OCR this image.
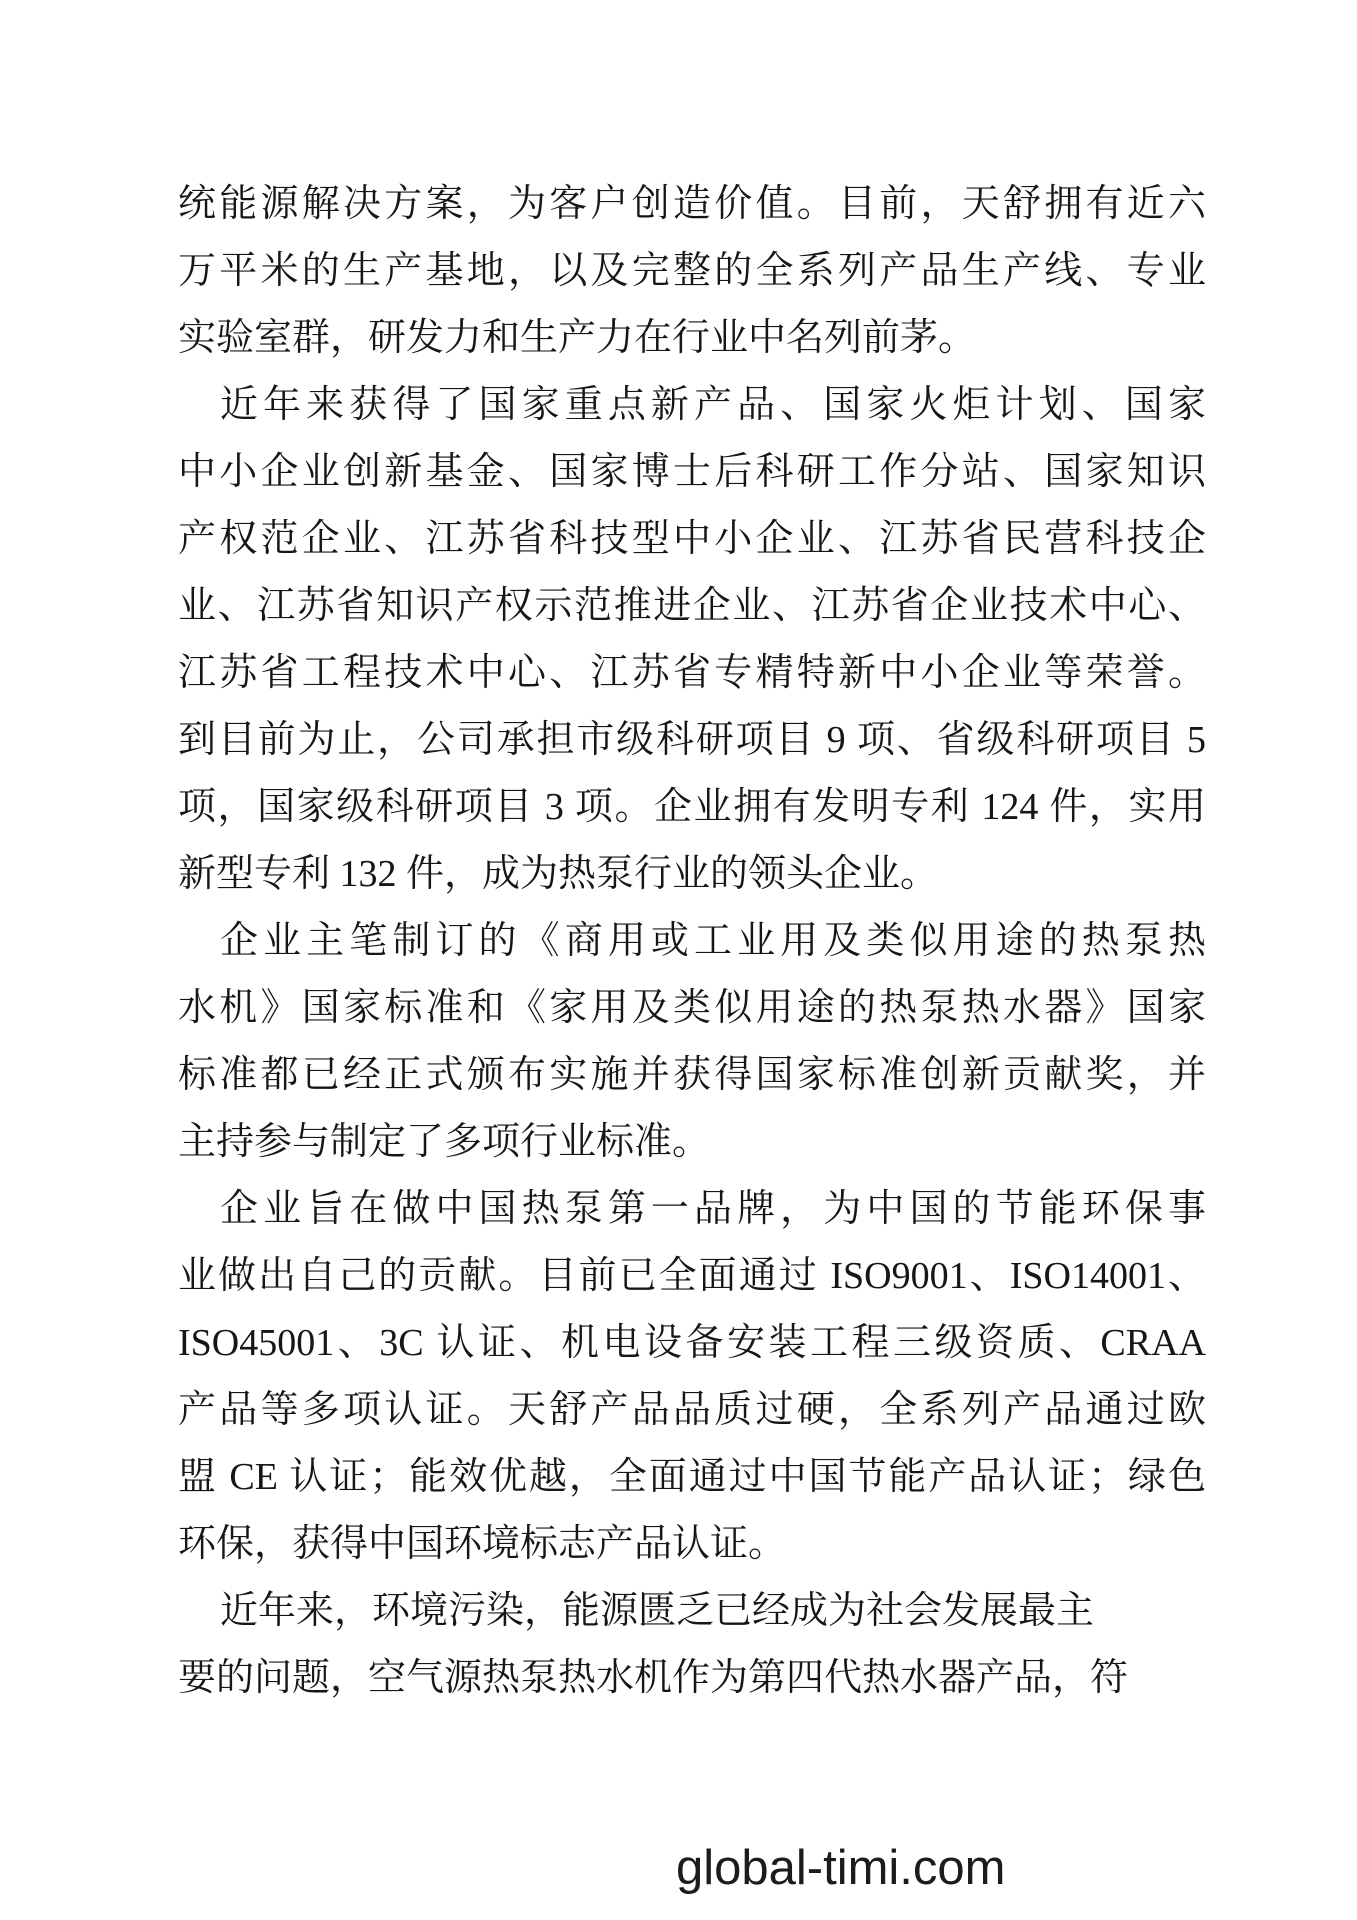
统能源解决方案，为客户创造价值。目前，天舒拥有近六
万平米的生产基地，以及完整的全系列产品生产线、专业
实验室群，研发力和生产力在行业中名列前茅。
近年来获得了国家重点新产品、国家火炬计划、国家
中小企业创新基金、国家博士后科研工作分站、国家知识
产权范企业、江苏省科技型中小企业、江苏省民营科技企
业、江苏省知识产权示范推进企业、江苏省企业技术中心、
江苏省工程技术中心、江苏省专精特新中小企业等荣誉。
到目前为止，公司承担市级科研项目 9 项、省级科研项目 5
项，国家级科研项目 3 项。企业拥有发明专利 124 件，实用
新型专利 132 件，成为热泵行业的领头企业。
企业主笔制订的《商用或工业用及类似用途的热泵热
水机》国家标准和《家用及类似用途的热泵热水器》国家
标准都已经正式颁布实施并获得国家标准创新贡献奖，并
主持参与制定了多项行业标准。
企业旨在做中国热泵第一品牌，为中国的节能环保事
业做出自己的贡献。目前已全面通过 ISO9001、ISO14001、
ISO45001、3C 认证、机电设备安装工程三级资质、CRAA
产品等多项认证。天舒产品品质过硬，全系列产品通过欧
盟 CE 认证；能效优越，全面通过中国节能产品认证；绿色
环保，获得中国环境标志产品认证。
近年来，环境污染，能源匮乏已经成为社会发展最主
要的问题，空气源热泵热水机作为第四代热水器产品，符
global-timi.com
